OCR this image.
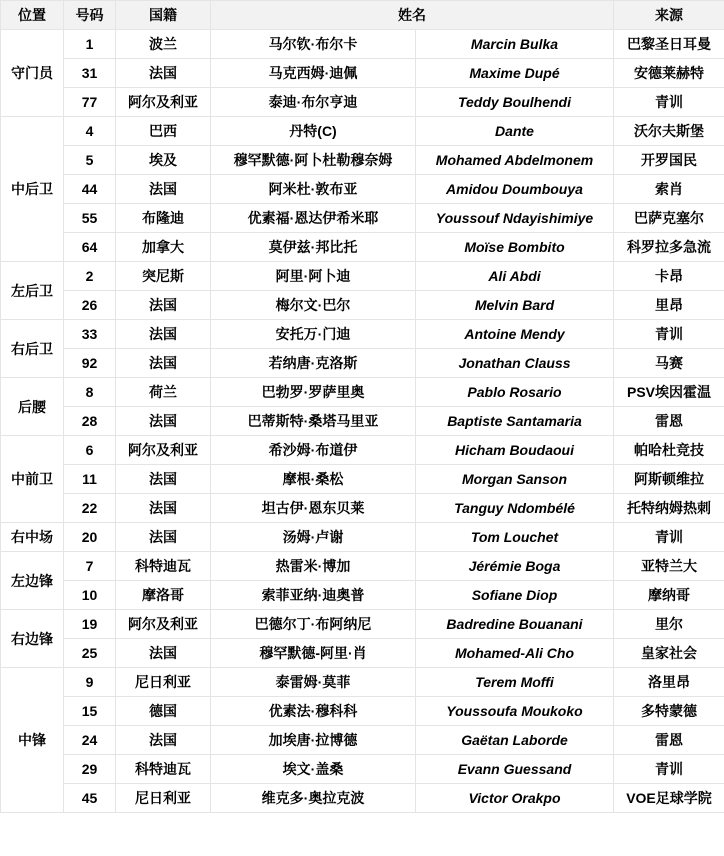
位置	号码	国籍	姓名		来源
守门员	1	波兰	马尔钦·布尔卡	Marcin Bulka	巴黎圣日耳曼
	31	法国	马克西姆·迪佩	Maxime Dupé	安德莱赫特
	77	阿尔及利亚	泰迪·布尔亨迪	Teddy Boulhendi	青训
中后卫	4	巴西	丹特(C)	Dante	沃尔夫斯堡
	5	埃及	穆罕默德·阿卜杜勒穆奈姆	Mohamed Abdelmonem	开罗国民
	44	法国	阿米杜·敦布亚	Amidou Doumbouya	索肖
	55	布隆迪	优素福·恩达伊希米耶	Youssouf Ndayishimiye	巴萨克塞尔
	64	加拿大	莫伊兹·邦比托	Moïse Bombito	科罗拉多急流
左后卫	2	突尼斯	阿里·阿卜迪	Ali Abdi	卡昂
	26	法国	梅尔文·巴尔	Melvin Bard	里昂
右后卫	33	法国	安托万·门迪	Antoine Mendy	青训
	92	法国	若纳唐·克洛斯	Jonathan Clauss	马赛
后腰	8	荷兰	巴勃罗·罗萨里奥	Pablo Rosario	PSV埃因霍温
	28	法国	巴蒂斯特·桑塔马里亚	Baptiste Santamaria	雷恩
中前卫	6	阿尔及利亚	希沙姆·布道伊	Hicham Boudaoui	帕哈杜竞技
	11	法国	摩根·桑松	Morgan Sanson	阿斯顿维拉
	22	法国	坦古伊·恩东贝莱	Tanguy Ndombélé	托特纳姆热刺
右中场	20	法国	汤姆·卢谢	Tom Louchet	青训
左边锋	7	科特迪瓦	热雷米·博加	Jérémie Boga	亚特兰大
	10	摩洛哥	索菲亚纳·迪奥普	Sofiane Diop	摩纳哥
右边锋	19	阿尔及利亚	巴德尔丁·布阿纳尼	Badredine Bouanani	里尔
	25	法国	穆罕默德-阿里·肖	Mohamed-Ali Cho	皇家社会
中锋	9	尼日利亚	泰雷姆·莫菲	Terem Moffi	洛里昂
	15	德国	优素法·穆科科	Youssoufa Moukoko	多特蒙德
	24	法国	加埃唐·拉博德	Gaëtan Laborde	雷恩
	29	科特迪瓦	埃文·盖桑	Evann Guessand	青训
	45	尼日利亚	维克多·奥拉克波	Victor Orakpo	VOE足球学院
